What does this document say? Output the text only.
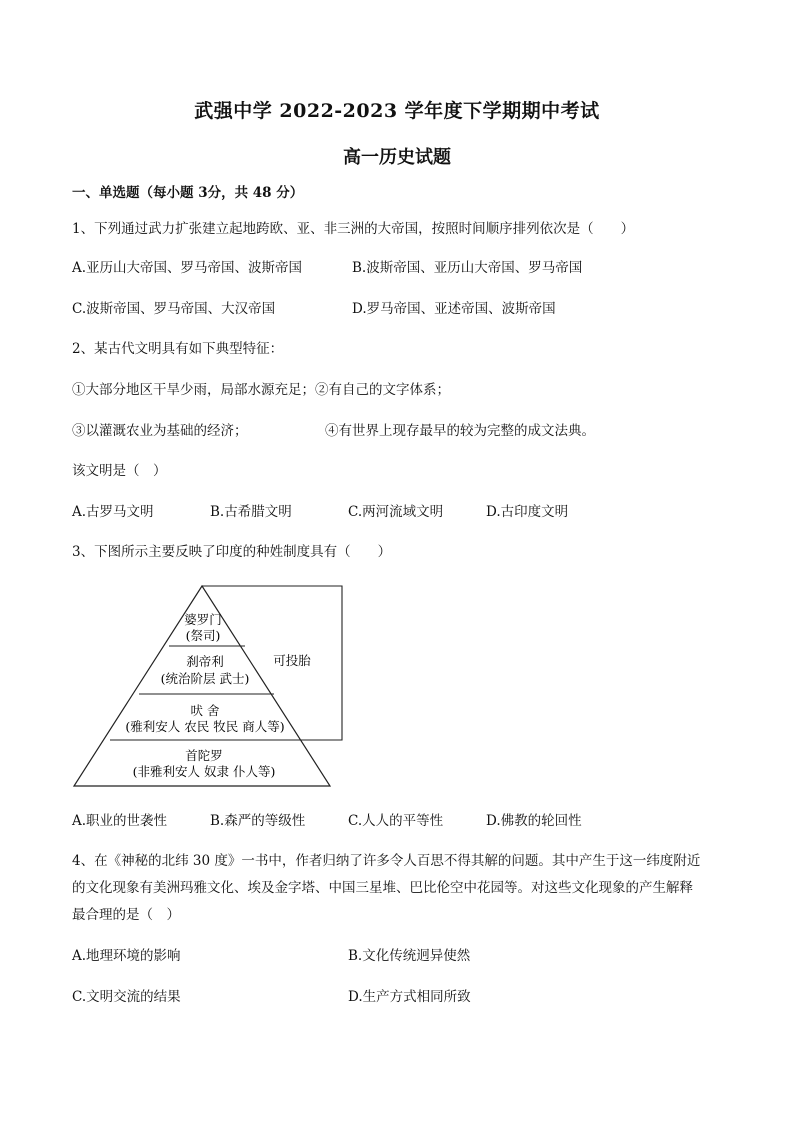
武强中学 2022-2023 学年度下学期期中考试
高一历史试题
一、单选题（每小题 3分，共 48 分）
1、下列通过武力扩张建立起地跨欧、亚、非三洲的大帝国，按照时间顺序排列依次是（　　）
A.亚历山大帝国、罗马帝国、波斯帝国	B.波斯帝国、亚历山大帝国、罗马帝国
C.波斯帝国、罗马帝国、大汉帝国	D.罗马帝国、亚述帝国、波斯帝国
2、某古代文明具有如下典型特征：
①大部分地区干旱少雨，局部水源充足；②有自己的文字体系；
③以灌溉农业为基础的经济；	④有世界上现存最早的较为完整的成文法典。
该文明是（　）
A.古罗马文明	B.古希腊文明	C.两河流域文明	D.古印度文明
3、下图所示主要反映了印度的种姓制度具有（　　）
婆罗门
(祭司)
刹帝利
(统治阶层 武士)
吠 舍
(雅利安人 农民 牧民 商人等)
首陀罗
(非雅利安人 奴隶 仆人等)
可投胎
A.职业的世袭性	B.森严的等级性	C.人人的平等性	D.佛教的轮回性
4、在《神秘的北纬 30 度》一书中，作者归纳了许多令人百思不得其解的问题。其中产生于这一纬度附近
的文化现象有美洲玛雅文化、埃及金字塔、中国三星堆、巴比伦空中花园等。对这些文化现象的产生解释
最合理的是（　）
A.地理环境的影响	B.文化传统迥异使然
C.文明交流的结果	D.生产方式相同所致
